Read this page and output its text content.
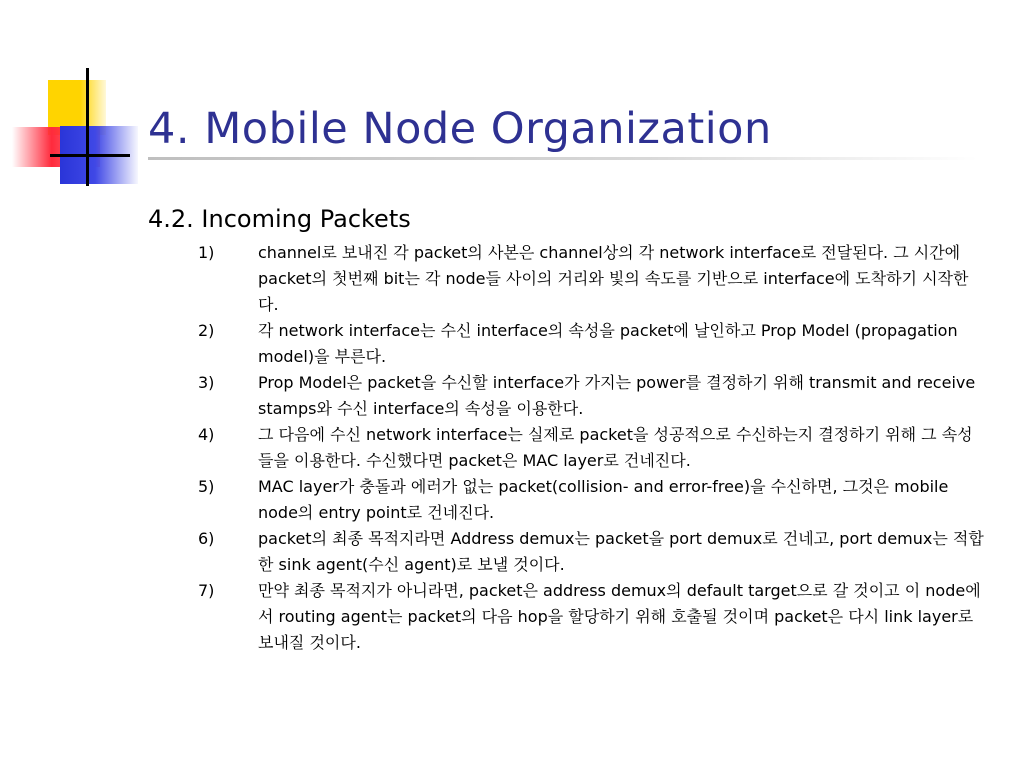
4. Mobile Node Organization
4.2. Incoming Packets
1)	channel로 보내진 각 packet의 사본은 channel상의 각 network interface로 전달된다. 그 시간에 packet의 첫번째 bit는 각 node들 사이의 거리와 빛의 속도를 기반으로 interface에 도착하기 시작한다.
2)	각 network interface는 수신 interface의 속성을 packet에 날인하고 Prop Model (propagation model)을 부른다.
3)	Prop Model은 packet을 수신할 interface가 가지는 power를 결정하기 위해 transmit and receive stamps와 수신 interface의 속성을 이용한다.
4)	그 다음에 수신 network interface는 실제로 packet을 성공적으로 수신하는지 결정하기 위해 그 속성들을 이용한다. 수신했다면 packet은 MAC layer로 건네진다.
5)	MAC layer가 충돌과 에러가 없는 packet(collision- and error-free)을 수신하면, 그것은 mobile node의 entry point로 건네진다.
6)	packet의 최종 목적지라면 Address demux는 packet을 port demux로 건네고, port demux는 적합한 sink agent(수신 agent)로 보낼 것이다.
7)	만약 최종 목적지가 아니라면, packet은 address demux의 default target으로 갈 것이고 이 node에서 routing agent는 packet의 다음 hop을 할당하기 위해 호출될 것이며 packet은 다시 link layer로 보내질 것이다.
